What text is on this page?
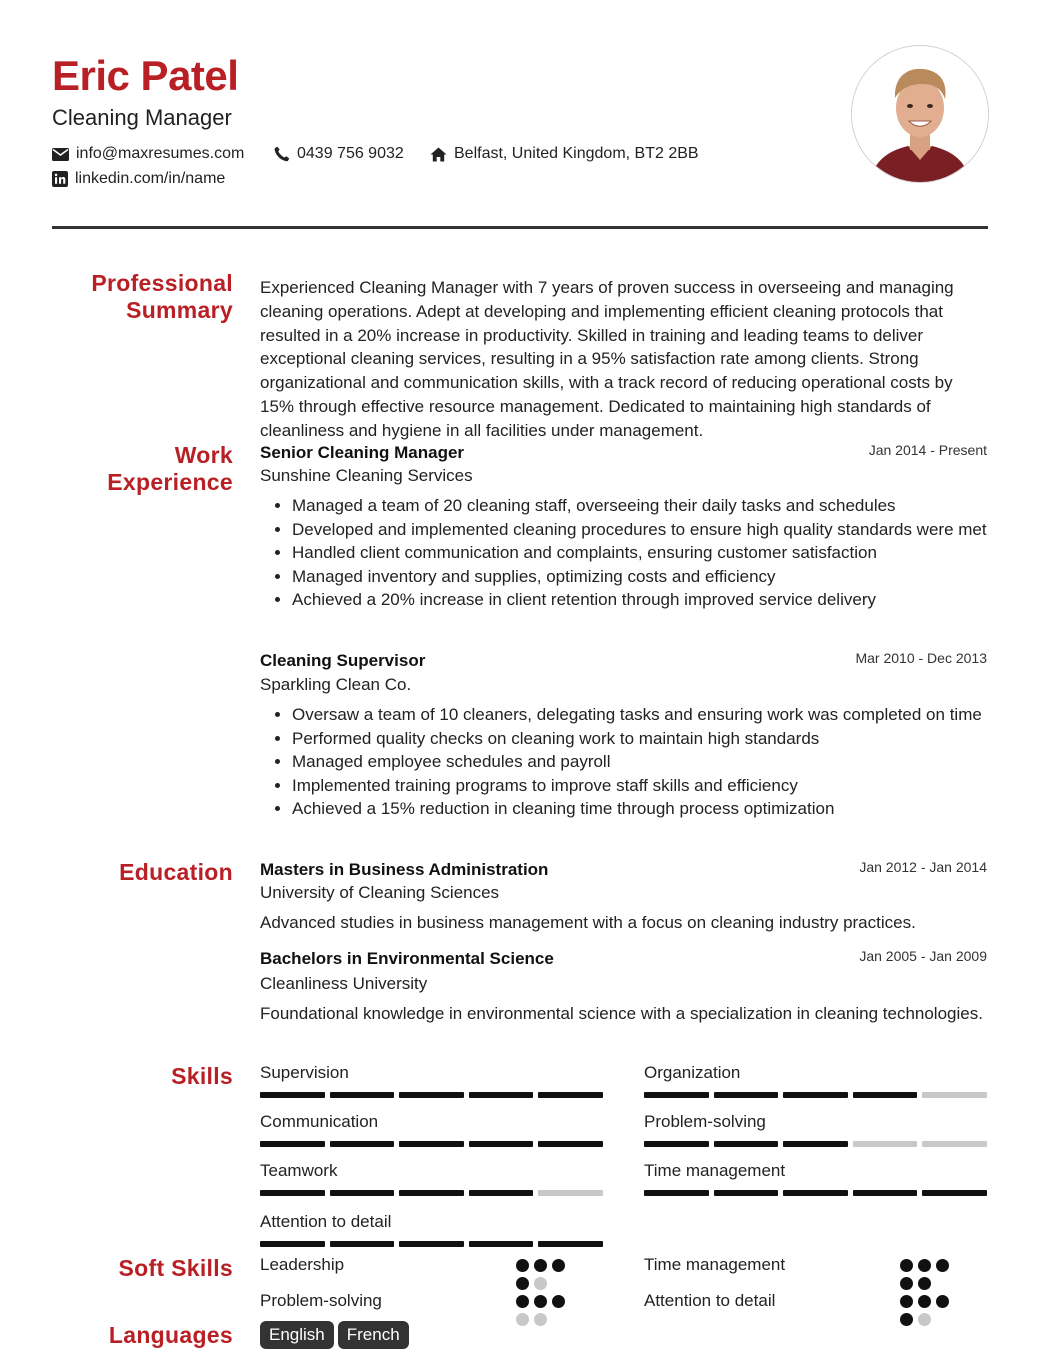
Eric Patel
Cleaning Manager
info@maxresumes.com	0439 756 9032	Belfast, United Kingdom, BT2 2BB
linkedin.com/in/name
Professional
Summary
Experienced Cleaning Manager with 7 years of proven success in overseeing and managing cleaning operations. Adept at developing and implementing efficient cleaning protocols that resulted in a 20% increase in productivity. Skilled in training and leading teams to deliver exceptional cleaning services, resulting in a 95% satisfaction rate among clients. Strong organizational and communication skills, with a track record of reducing operational costs by 15% through effective resource management. Dedicated to maintaining high standards of cleanliness and hygiene in all facilities under management.
Work
Experience
Senior Cleaning Manager	Jan 2014 - Present
Sunshine Cleaning Services
• Managed a team of 20 cleaning staff, overseeing their daily tasks and schedules
• Developed and implemented cleaning procedures to ensure high quality standards were met
• Handled client communication and complaints, ensuring customer satisfaction
• Managed inventory and supplies, optimizing costs and efficiency
• Achieved a 20% increase in client retention through improved service delivery
Cleaning Supervisor	Mar 2010 - Dec 2013
Sparkling Clean Co.
• Oversaw a team of 10 cleaners, delegating tasks and ensuring work was completed on time
• Performed quality checks on cleaning work to maintain high standards
• Managed employee schedules and payroll
• Implemented training programs to improve staff skills and efficiency
• Achieved a 15% reduction in cleaning time through process optimization
Education Masters in Business Administration	Jan 2012 - Jan 2014
University of Cleaning Sciences
Advanced studies in business management with a focus on cleaning industry practices.
Bachelors in Environmental Science	Jan 2005 - Jan 2009
Cleanliness University
Foundational knowledge in environmental science with a specialization in cleaning technologies.
Skills Supervision	Organization
Communication	Problem-solving
Teamwork	Time management
Attention to detail
Soft Skills Leadership	Time management
Problem-solving	Attention to detail
Languages	English French
